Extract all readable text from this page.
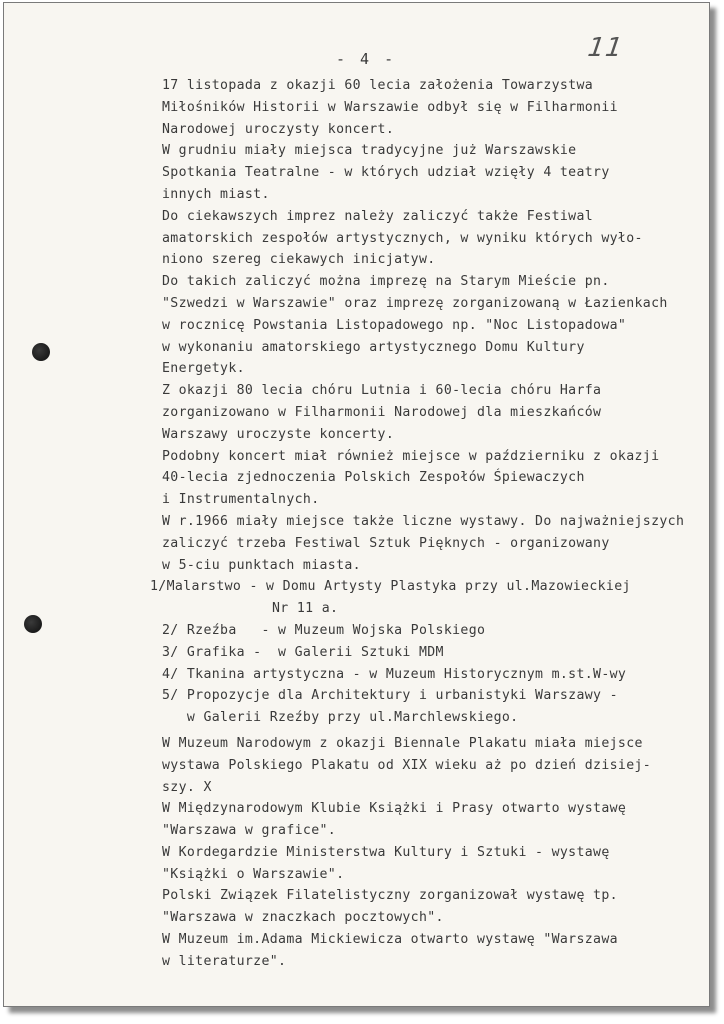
- 4 -	11
17 listopada z okazji 60 lecia założenia Towarzystwa
Miłośników Historii w Warszawie odbył się w Filharmonii
Narodowej uroczysty koncert.
W grudniu miały miejsca tradycyjne już Warszawskie
Spotkania Teatralne - w których udział wzięły 4 teatry
innych miast.
Do ciekawszych imprez należy zaliczyć także Festiwal
amatorskich zespołów artystycznych, w wyniku których wyło-
niono szereg ciekawych inicjatyw.
Do takich zaliczyć można imprezę na Starym Mieście pn.
"Szwedzi w Warszawie" oraz imprezę zorganizowaną w Łazienkach
w rocznicę Powstania Listopadowego np. "Noc Listopadowa"
w wykonaniu amatorskiego artystycznego Domu Kultury
Energetyk.
Z okazji 80 lecia chóru Lutnia i 60-lecia chóru Harfa
zorganizowano w Filharmonii Narodowej dla mieszkańców
Warszawy uroczyste koncerty.
Podobny koncert miał również miejsce w październiku z okazji
40-lecia zjednoczenia Polskich Zespołów Śpiewaczych
i Instrumentalnych.
W r.1966 miały miejsce także liczne wystawy. Do najważniejszych
zaliczyć trzeba Festiwal Sztuk Pięknych - organizowany
w 5-ciu punktach miasta.
1/Malarstwo - w Domu Artysty Plastyka przy ul.Mazowieckiej
Nr 11 a.
2/ Rzeźba   - w Muzeum Wojska Polskiego
3/ Grafika -  w Galerii Sztuki MDM
4/ Tkanina artystyczna - w Muzeum Historycznym m.st.W-wy
5/ Propozycje dla Architektury i urbanistyki Warszawy -
w Galerii Rzeźby przy ul.Marchlewskiego.
W Muzeum Narodowym z okazji Biennale Plakatu miała miejsce
wystawa Polskiego Plakatu od XIX wieku aż po dzień dzisiej-
szy. X
W Międzynarodowym Klubie Książki i Prasy otwarto wystawę
"Warszawa w grafice".
W Kordegardzie Ministerstwa Kultury i Sztuki - wystawę
"Książki o Warszawie".
Polski Związek Filatelistyczny zorganizował wystawę tp.
"Warszawa w znaczkach pocztowych".
W Muzeum im.Adama Mickiewicza otwarto wystawę "Warszawa
w literaturze".
